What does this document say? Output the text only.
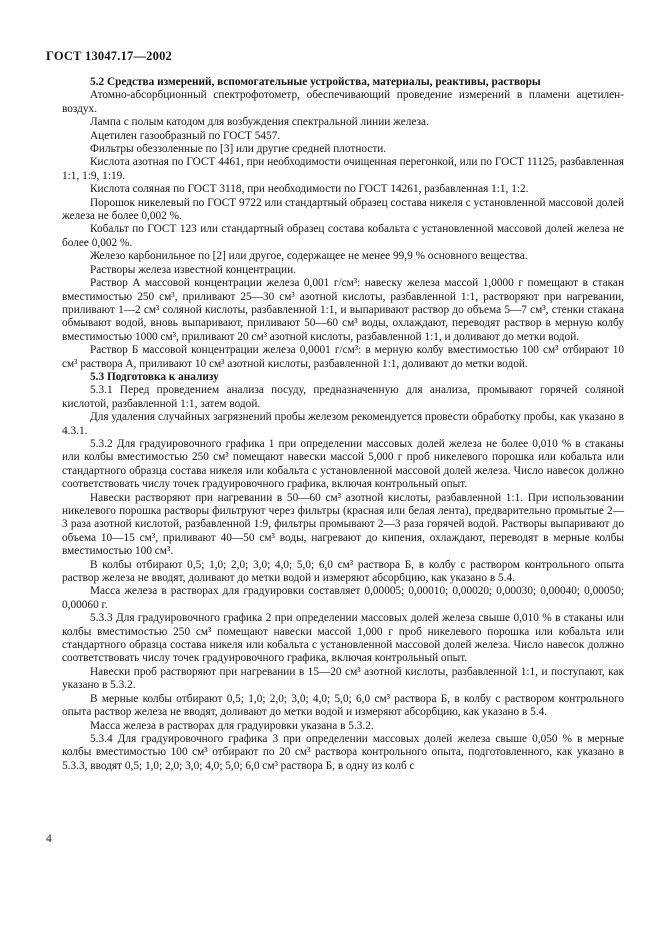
ГОСТ 13047.17—2002

5.2 Средства измерений, вспомогательные устройства, материалы, реактивы, растворы

Атомно-абсорбционный спектрофотометр, обеспечивающий проведение измерений в пламени ацетилен-воздух.

Лампа с полым катодом для возбуждения спектральной линии железа.

Ацетилен газообразный по ГОСТ 5457.

Фильтры обеззоленные по [3] или другие средней плотности.

Кислота азотная по ГОСТ 4461, при необходимости очищенная перегонкой, или по ГОСТ 11125, разбавленная 1:1, 1:9, 1:19.

Кислота соляная по ГОСТ 3118, при необходимости по ГОСТ 14261, разбавленная 1:1, 1:2.

Порошок никелевый по ГОСТ 9722 или стандартный образец состава никеля с установленной массовой долей железа не более 0,002 %.

Кобальт по ГОСТ 123 или стандартный образец состава кобальта с установленной массовой долей железа не более 0,002 %.

Железо карбонильное по [2] или другое, содержащее не менее 99,9 % основного вещества.

Растворы железа известной концентрации.

Раствор А массовой концентрации железа 0,001 г/см³: навеску железа массой 1,0000 г помещают в стакан вместимостью 250 см³, приливают 25—30 см³ азотной кислоты, разбавленной 1:1, растворяют при нагревании, приливают 1—2 см³ соляной кислоты, разбавленной 1:1, и выпаривают раствор до объема 5—7 см³, стенки стакана обмывают водой, вновь выпаривают, приливают 50—60 см³ воды, охлаждают, переводят раствор в мерную колбу вместимостью 1000 см³, приливают 20 см³ азотной кислоты, разбавленной 1:1, и доливают до метки водой.

Раствор Б массовой концентрации железа 0,0001 г/см³: в мерную колбу вместимостью 100 см³ отбирают 10 см³ раствора А, приливают 10 см³ азотной кислоты, разбавленной 1:1, доливают до метки водой.

5.3 Подготовка к анализу

5.3.1 Перед проведением анализа посуду, предназначенную для анализа, промывают горячей соляной кислотой, разбавленной 1:1, затем водой.

Для удаления случайных загрязнений пробы железом рекомендуется провести обработку пробы, как указано в 4.3.1.

5.3.2 Для градуировочного графика 1 при определении массовых долей железа не более 0,010 % в стаканы или колбы вместимостью 250 см³ помещают навески массой 5,000 г проб никелевого порошка или кобальта или стандартного образца состава никеля или кобальта с установленной массовой долей железа. Число навесок должно соответствовать числу точек градуировочного графика, включая контрольный опыт.

Навески растворяют при нагревании в 50—60 см³ азотной кислоты, разбавленной 1:1. При использовании никелевого порошка растворы фильтруют через фильтры (красная или белая лента), предварительно промытые 2—3 раза азотной кислотой, разбавленной 1:9, фильтры промывают 2—3 раза горячей водой. Растворы выпаривают до объема 10—15 см³, приливают 40—50 см³ воды, нагревают до кипения, охлаждают, переводят в мерные колбы вместимостью 100 см³.

В колбы отбирают 0,5; 1,0; 2,0; 3,0; 4,0; 5,0; 6,0 см³ раствора Б, в колбу с раствором контрольного опыта раствор железа не вводят, доливают до метки водой и измеряют абсорбцию, как указано в 5.4.

Масса железа в растворах для градуировки составляет 0,00005; 0,00010; 0,00020; 0,00030; 0,00040; 0,00050; 0,00060 г.

5.3.3 Для градуировочного графика 2 при определении массовых долей железа свыше 0,010 % в стаканы или колбы вместимостью 250 см³ помещают навески массой 1,000 г проб никелевого порошка или кобальта или стандартного образца состава никеля или кобальта с установленной массовой долей железа. Число навесок должно соответствовать числу точек градуировочного графика, включая контрольный опыт.

Навески проб растворяют при нагревании в 15—20 см³ азотной кислоты, разбавленной 1:1, и поступают, как указано в 5.3.2.

В мерные колбы отбирают 0,5; 1,0; 2,0; 3,0; 4,0; 5,0; 6,0 см³ раствора Б, в колбу с раствором контрольного опыта раствор железа не вводят, доливают до метки водой и измеряют абсорбцию, как указано в 5.4.

Масса железа в растворах для градуировки указана в 5.3.2.

5.3.4 Для градуировочного графика 3 при определении массовых долей железа свыше 0,050 % в мерные колбы вместимостью 100 см³ отбирают по 20 см³ раствора контрольного опыта, подготовленного, как указано в 5.3.3, вводят 0,5; 1,0; 2,0; 3,0; 4,0; 5,0; 6,0 см³ раствора Б, в одну из колб с

4
